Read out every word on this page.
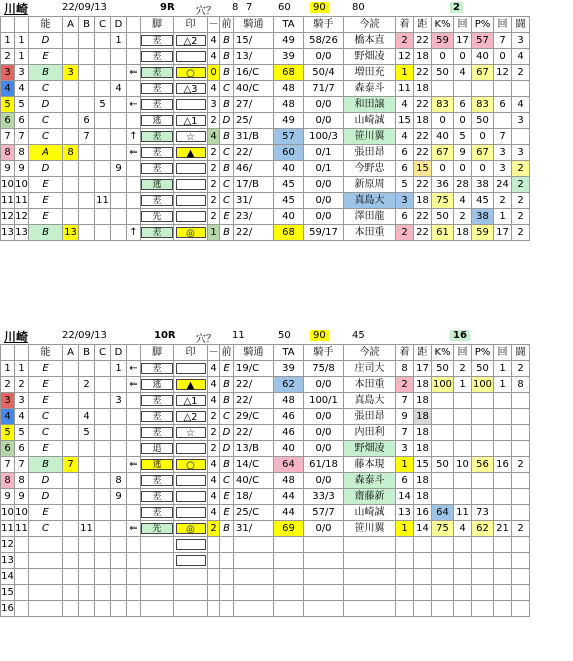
川崎	22/09/13	9R 穴？ 8 7	60	90	80	2
		能	A	B	C	D		脚	印	－	前	騎通	TA	騎手	今読	着	距	K%	回	P%	回	闘
1	1	D				1		差	△2	4	B	15/	49	58/26	橋本直	2	22	59	17	57	7	3
2	1	E						差		4	B	13/	39	0/0	野畑凌	12	18	0	0	40	0	4
3	3	B	3				⇐	差	○	0	B	16/C	68	50/4	増田充	1	22	50	4	67	12	2
4	4	C				4		差	△3	4	C	40/C	48	71/7	森泰斗	11	18					
5	5	D			5		←	差		3	B	27/	48	0/0	和田譲	4	22	83	6	83	6	4
6	6	C		6				逃	△1	2	D	25/	49	0/0	山崎誠	15	18	0	0	50		3
7	7	C		7			↑	差	☆	4	B	31/B	57	100/3	笹川翼	4	22	40	5	0	7	
8	8	A	8				⇐	差	▲	2	C	22/	60	0/1	張田昂	6	22	67	9	67	3	3
9	9	D				9		差		2	B	46/	40	0/1	今野忠	6	15	0	0	0	3	2
10	10	E						逃		2	C	17/B	45	0/0	新原周	5	22	36	28	38	24	2
11	11	E			11			差		2	C	31/	45	0/0	真島大	3	18	75	4	45	2	2
12	12	E						先		2	E	23/	40	0/0	澤田龍	6	22	50	2	38	1	2
13	13	B	13				↑	差	◎	1	B	22/	68	59/17	本田重	2	22	61	18	59	17	2
川崎	22/09/13	10R 穴？ 11	50	90	45	16
		能	A	B	C	D		脚	印	－	前	騎通	TA	騎手	今読	着	距	K%	回	P%	回	闘
1	1	E				1	←	差		4	E	19/C	39	75/8	庄司大	8	17	50	2	50	1	2
2	2	E		2			⇐	逃	▲	4	B	22/	62	0/0	本田重	2	18	100	1	100	1	8
3	3	E				3		差	△1	4	B	22/	48	100/1	真島大	7	18					
4	4	C		4				差	△2	2	C	29/C	46	0/0	張田昂	9	18					
5	5	C		5				差	☆	2	D	22/	46	0/0	内田利	7	18					
6	6	E						追		2	D	13/B	40	0/0	野畑凌	3	18					
7	7	B	7				⇐	逃	○	4	B	14/C	64	61/18	藤本現	1	15	50	10	56	16	2
8	8	D				8		差		4	C	40/C	48	0/0	森泰斗	6	18					
9	9	D				9		差		4	E	18/	44	33/3	齋藤新	14	18					
10	10	E						差		4	E	25/C	44	57/7	山崎誠	13	16	64	11	73		
11	11	C		11			⇐	先	◎	2	B	31/	69	0/0	笹川翼	1	14	75	4	62	21	2
12																						
13																						
14																						
15																						
16																						
